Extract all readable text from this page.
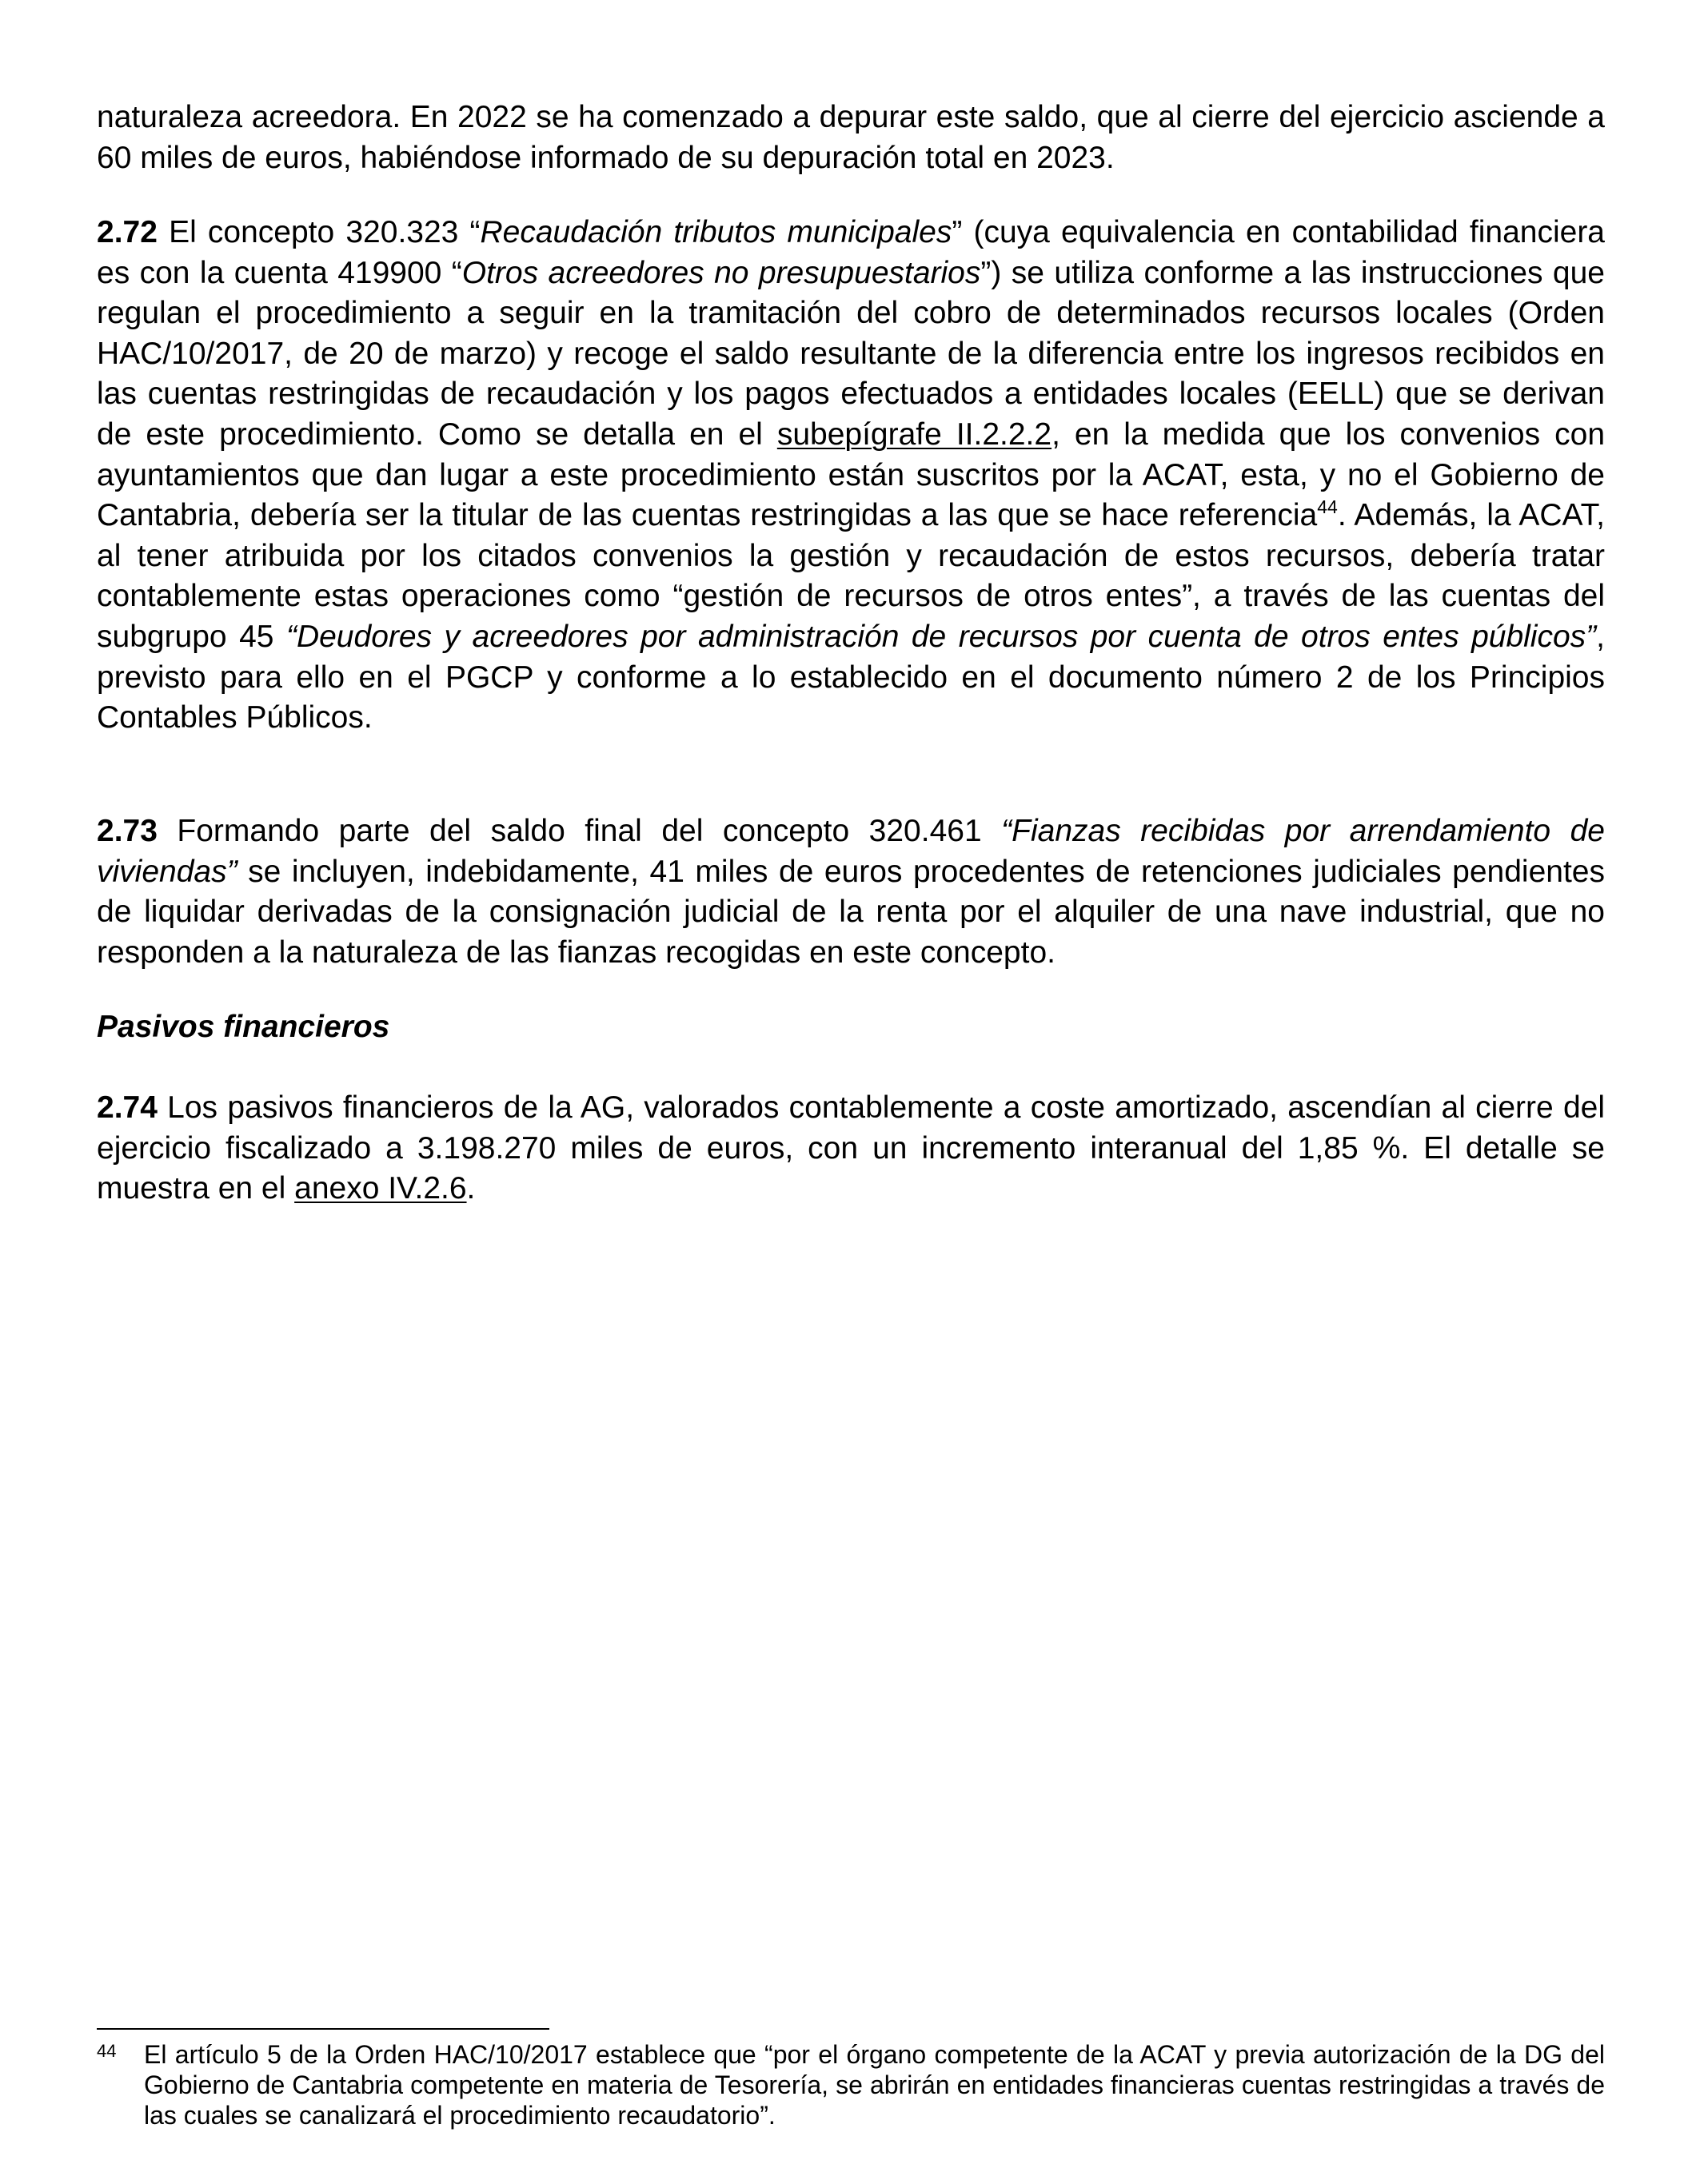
naturaleza acreedora. En 2022 se ha comenzado a depurar este saldo, que al cierre del ejercicio asciende a 60 miles de euros, habiéndose informado de su depuración total en 2023.

2.72 El concepto 320.323 “Recaudación tributos municipales” (cuya equivalencia en contabilidad financiera es con la cuenta 419900 “Otros acreedores no presupuestarios”) se utiliza conforme a las instrucciones que regulan el procedimiento a seguir en la tramitación del cobro de determinados recursos locales (Orden HAC/10/2017, de 20 de marzo) y recoge el saldo resultante de la diferencia entre los ingresos recibidos en las cuentas restringidas de recaudación y los pagos efectuados a entidades locales (EELL) que se derivan de este procedimiento. Como se detalla en el subepígrafe II.2.2.2, en la medida que los convenios con ayuntamientos que dan lugar a este procedimiento están suscritos por la ACAT, esta, y no el Gobierno de Cantabria, debería ser la titular de las cuentas restringidas a las que se hace referencia$^{44}$. Además, la ACAT, al tener atribuida por los citados convenios la gestión y recaudación de estos recursos, debería tratar contablemente estas operaciones como “gestión de recursos de otros entes”, a través de las cuentas del subgrupo 45 “Deudores y acreedores por administración de recursos por cuenta de otros entes públicos”, previsto para ello en el PGCP y conforme a lo establecido en el documento número 2 de los Principios Contables Públicos.

2.73 Formando parte del saldo final del concepto 320.461 “Fianzas recibidas por arrendamiento de viviendas” se incluyen, indebidamente, 41 miles de euros procedentes de retenciones judiciales pendientes de liquidar derivadas de la consignación judicial de la renta por el alquiler de una nave industrial, que no responden a la naturaleza de las fianzas recogidas en este concepto.

Pasivos financieros

2.74 Los pasivos financieros de la AG, valorados contablemente a coste amortizado, ascendían al cierre del ejercicio fiscalizado a 3.198.270 miles de euros, con un incremento interanual del 1,85 %. El detalle se muestra en el anexo IV.2.6.

44 El artículo 5 de la Orden HAC/10/2017 establece que “por el órgano competente de la ACAT y previa autorización de la DG del Gobierno de Cantabria competente en materia de Tesorería, se abrirán en entidades financieras cuentas restringidas a través de las cuales se canalizará el procedimiento recaudatorio”.
